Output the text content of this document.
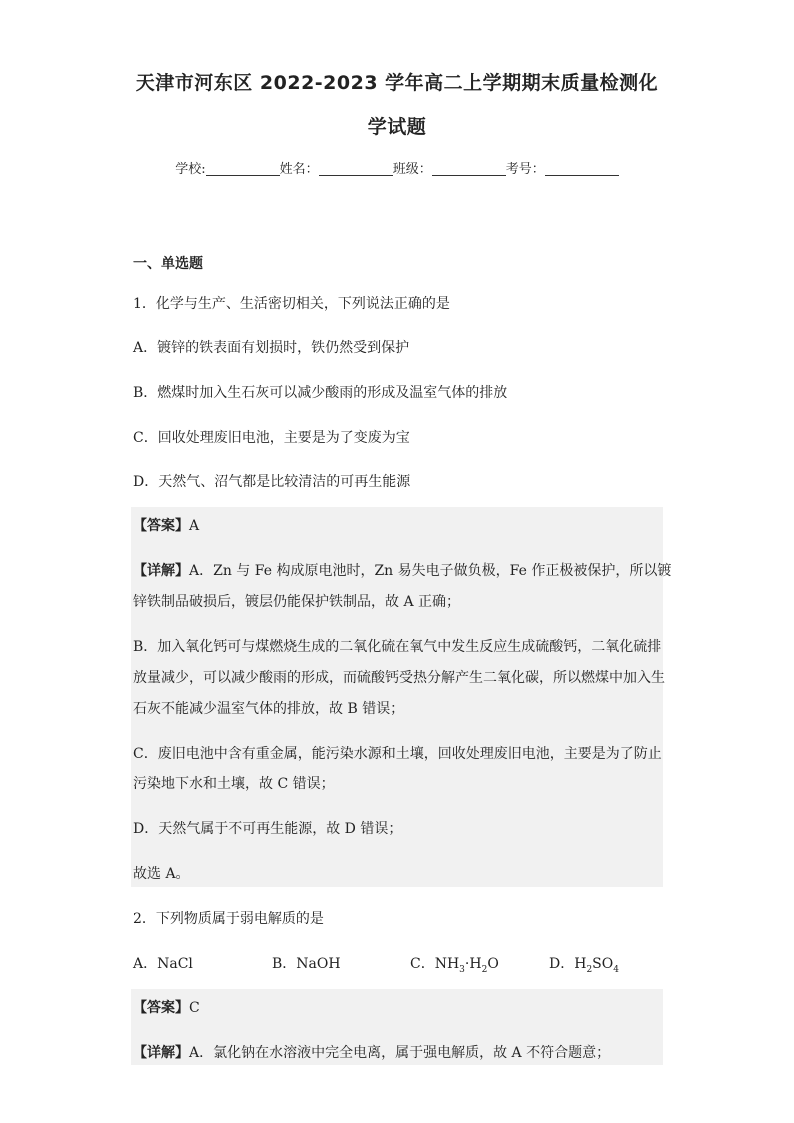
天津市河东区 2022-2023 学年高二上学期期末质量检测化
学试题
学校:	姓名：	班级：	考号：
一、单选题
1．化学与生产、生活密切相关，下列说法正确的是
A．镀锌的铁表面有划损时，铁仍然受到保护
B．燃煤时加入生石灰可以减少酸雨的形成及温室气体的排放
C．回收处理废旧电池，主要是为了变废为宝
D．天然气、沼气都是比较清洁的可再生能源
【答案】A
【详解】A．Zn 与 Fe 构成原电池时，Zn 易失电子做负极，Fe 作正极被保护，所以镀
锌铁制品破损后，镀层仍能保护铁制品，故 A 正确；
B．加入氧化钙可与煤燃烧生成的二氧化硫在氧气中发生反应生成硫酸钙，二氧化硫排
放量减少，可以减少酸雨的形成，而硫酸钙受热分解产生二氧化碳，所以燃煤中加入生
石灰不能减少温室气体的排放，故 B 错误；
C．废旧电池中含有重金属，能污染水源和土壤，回收处理废旧电池，主要是为了防止
污染地下水和土壤，故 C 错误；
D．天然气属于不可再生能源，故 D 错误；
故选 A。
2．下列物质属于弱电解质的是
A．NaCl	B．NaOH	C．$NH_3\cdot H_2O$	D．$H_2SO_4$
【答案】C
【详解】A．氯化钠在水溶液中完全电离，属于强电解质，故 A 不符合题意；
